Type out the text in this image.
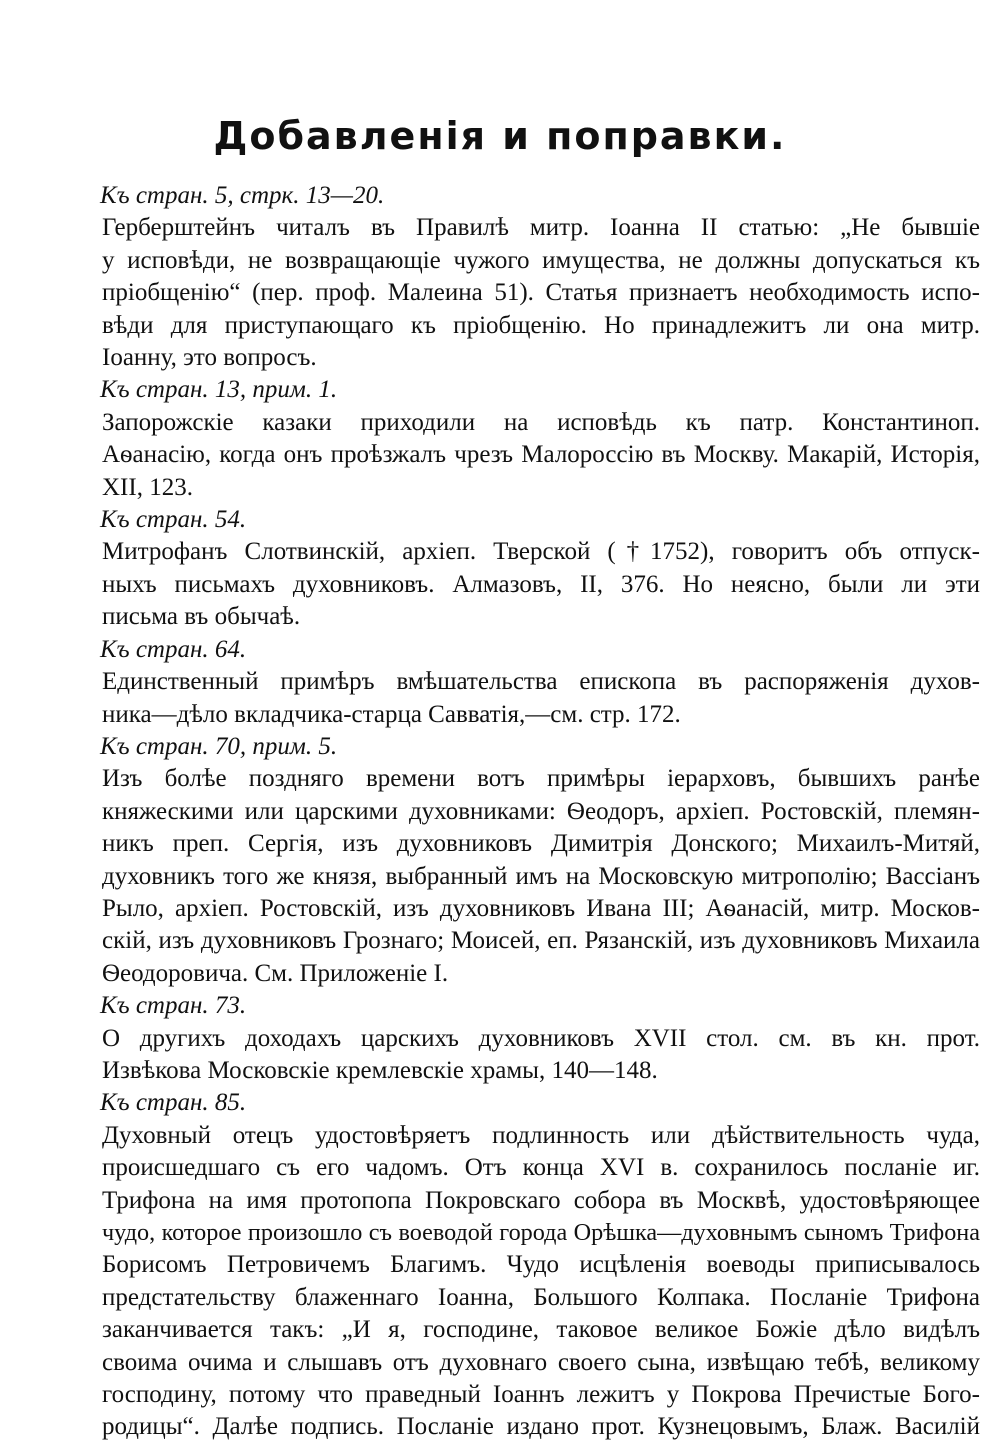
Добавленія и поправки.

Къ стран. 5, стрк. 13—20.

Герберштейнъ читалъ въ Правилѣ митр. Іоанна II статью: „Не бывшіе
у исповѣди, не возвращающіе чужого имущества, не должны допускаться къ
пріобщенію“ (пер. проф. Малеина 51). Статья признаетъ необходимость испо-
вѣди для приступающаго къ пріобщенію. Но принадлежитъ ли она митр.
Іоанну, это вопросъ.

Къ стран. 13, прим. 1.

Запорожскіе казаки приходили на исповѣдь къ патр. Константиноп.
Аѳанасію, когда онъ проѣзжалъ чрезъ Малороссію въ Москву. Макарій, Исторія,
XII, 123.

Къ стран. 54.

Митрофанъ Слотвинскій, архіеп. Тверской (†1752), говоритъ объ отпуск-
ныхъ письмахъ духовниковъ. Алмазовъ, II, 376. Но неясно, были ли эти
письма въ обычаѣ.

Къ стран. 64.

Единственный примѣръ вмѣшательства епископа въ распоряженія духов-
ника—дѣло вкладчика-старца Савватія,—см. стр. 172.

Къ стран. 70, прим. 5.

Изъ болѣе поздняго времени вотъ примѣры іерарховъ, бывшихъ ранѣе
княжескими или царскими духовниками: Ѳеодоръ, архіеп. Ростовскій, племян-
никъ преп. Сергія, изъ духовниковъ Димитрія Донского; Михаилъ-Митяй,
духовникъ того же князя, выбранный имъ на Московскую митрополію; Вассіанъ
Рыло, архіеп. Ростовскій, изъ духовниковъ Ивана III; Аѳанасій, митр. Москов-
скій, изъ духовниковъ Грознаго; Моисей, еп. Рязанскій, изъ духовниковъ Михаила
Ѳеодоровича. См. Приложеніе I.

Къ стран. 73.

О другихъ доходахъ царскихъ духовниковъ XVII стол. см. въ кн. прот.
Извѣкова Московскіе кремлевскіе храмы, 140—148.

Къ стран. 85.

Духовный отецъ удостовѣряетъ подлинность или дѣйствительность чуда,
происшедшаго съ его чадомъ. Отъ конца XVI в. сохранилось посланіе иг.
Трифона на имя протопопа Покровскаго собора въ Москвѣ, удостовѣряющее
чудо, которое произошло съ воеводой города Орѣшка—духовнымъ сыномъ Трифона
Борисомъ Петровичемъ Благимъ. Чудо исцѣленія воеводы приписывалось
предстательству блаженнаго Іоанна, Большого Колпака. Посланіе Трифона
заканчивается такъ: „И я, господине, таковое великое Божіе дѣло видѣлъ
своима очима и слышавъ отъ духовнаго своего сына, извѣщаю тебѣ, великому
господину, потому что праведный Іоаннъ лежитъ у Покрова Пречистые Бого-
родицы“. Далѣе подпись. Посланіе издано прот. Кузнецовымъ, Блаж. Василій
